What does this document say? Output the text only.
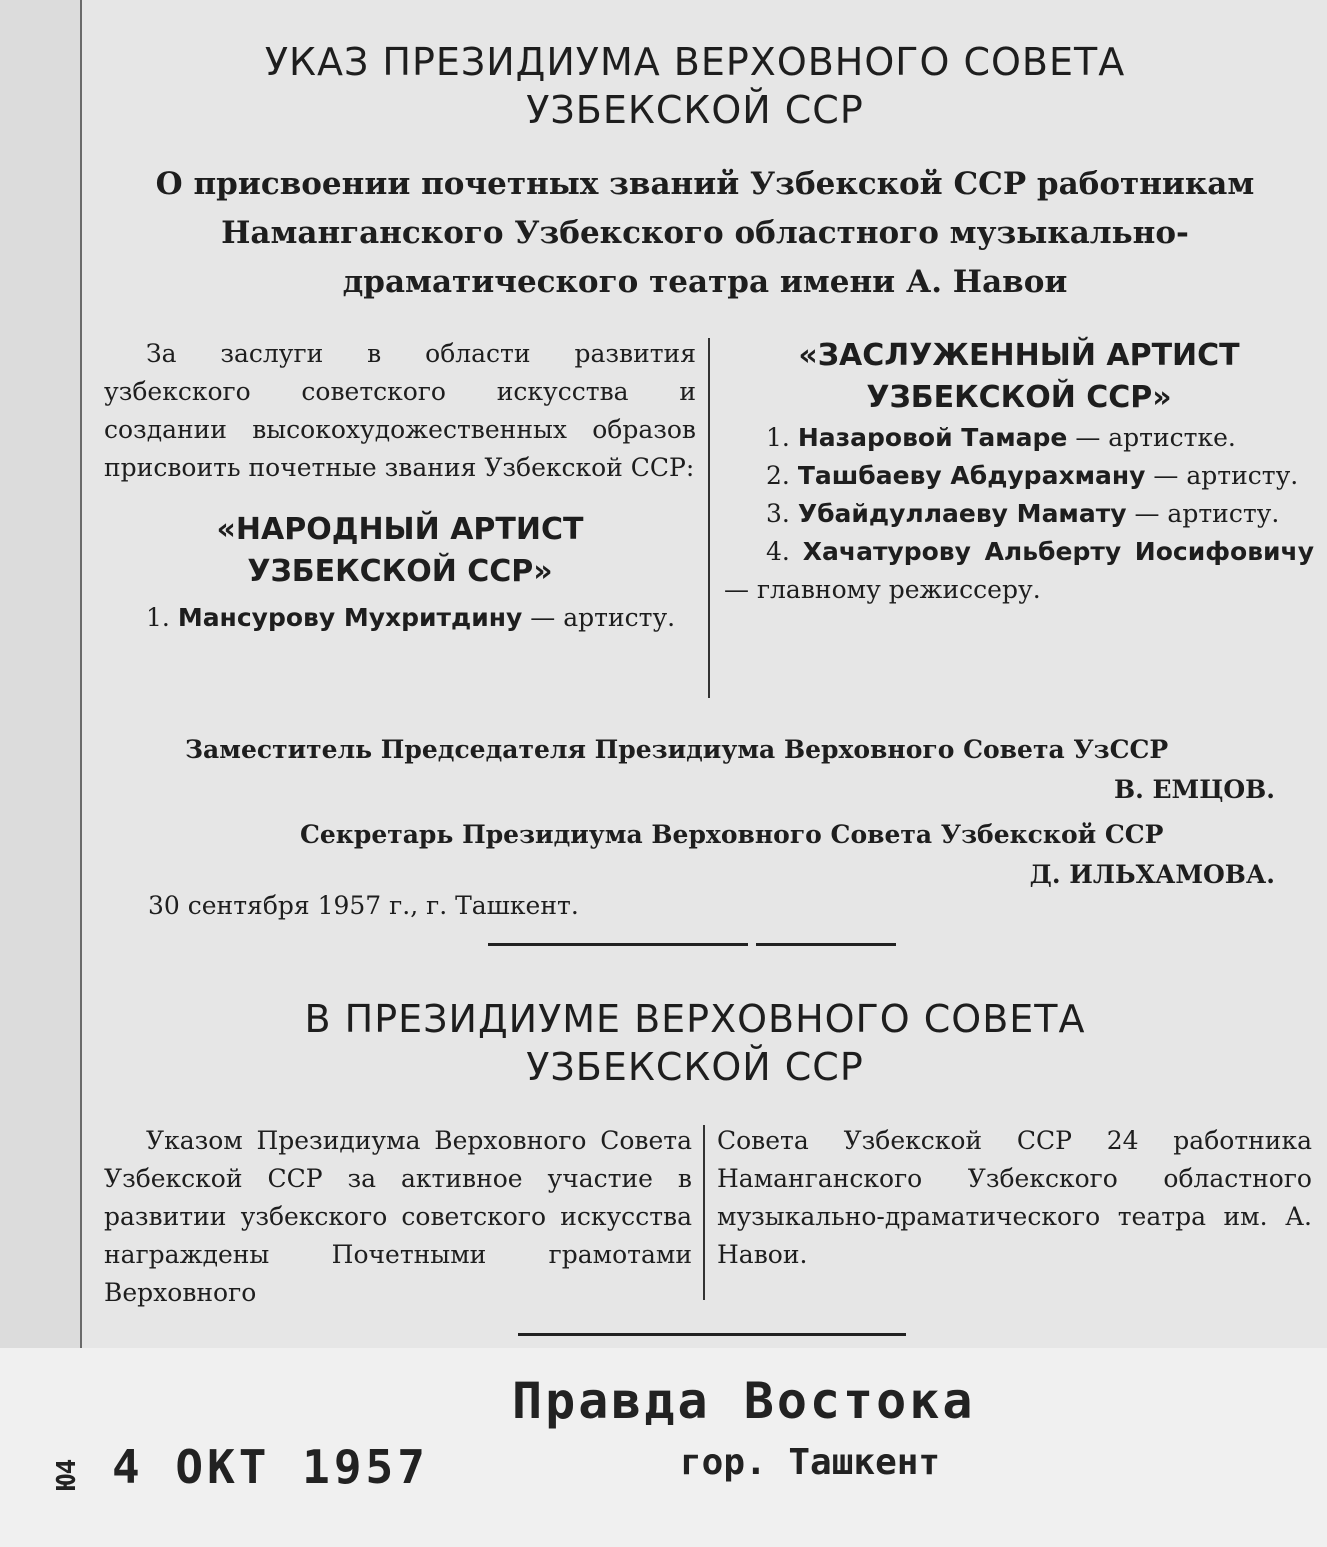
УКАЗ ПРЕЗИДИУМА ВЕРХОВНОГО СОВЕТА
УЗБЕКСКОЙ ССР
О присвоении почетных званий Узбекской ССР работникам
Наманганского Узбекского областного музыкально-
драматического театра имени А. Навои

За заслуги в области развития узбекского советского искусства и создании высокохудожественных образов присвоить почетные звания Узбекской ССР:

«НАРОДНЫЙ АРТИСТ

УЗБЕКСКОЙ ССР»

1. Мансурову Мухритдину — артисту.

«ЗАСЛУЖЕННЫЙ АРТИСТ

УЗБЕКСКОЙ ССР»

1. Назаровой Тамаре — артистке.

2. Ташбаеву Абдурахману — артисту.

3. Убайдуллаеву Мамату — артисту.

4. Хачатурову Альберту Иосифовичу — главному режиссеру.

Заместитель Председателя Президиума Верховного Совета УзССР

В. ЕМЦОВ.

Секретарь Президиума Верховного Совета Узбекской ССР

Д. ИЛЬХАМОВА.

30 сентября 1957 г., г. Ташкент.

В ПРЕЗИДИУМЕ ВЕРХОВНОГО СОВЕТА
УЗБЕКСКОЙ ССР

Указом Президиума Верховного Совета Узбекской ССР за активное участие в развитии узбекского советского искусства награждены Почетными грамотами Верховного

Совета Узбекской ССР 24 работника Наманганского Узбекского областного музыкально-драматического театра им. А. Навои.

Правда Востока

гор. Ташкент

4 ОКТ 1957

Ю4
